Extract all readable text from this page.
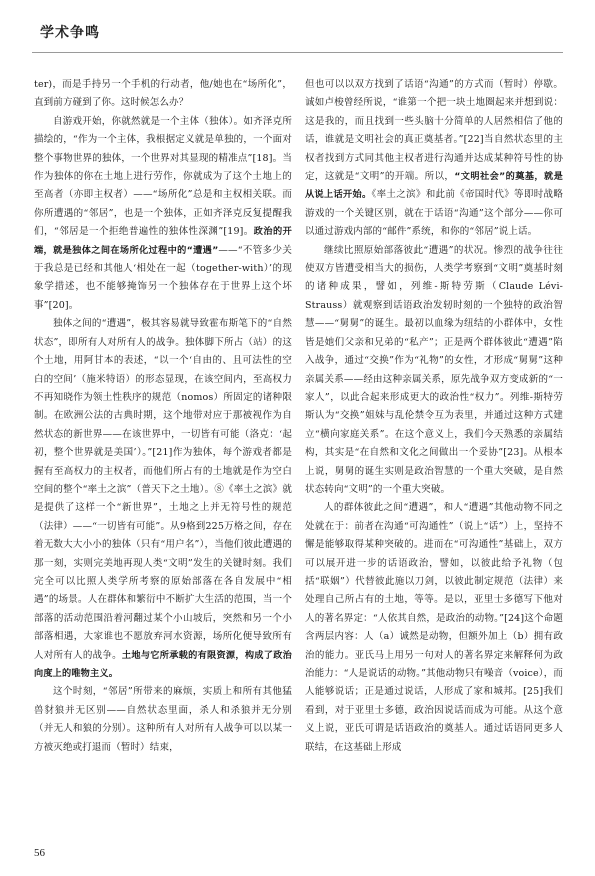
学术争鸣

ter)，而是手持另一个手机的行动者，他/她也在“场所化”，直到前方碰到了你。这时候怎么办？

自游戏开始，你就然就是一个主体（独体）。如齐泽克所描绘的，“作为一个主体，我根据定义就是单独的，一个面对整个事物世界的独体，一个世界对其显现的精准点”[18]。当作为独体的你在土地上进行劳作，你就成为了这个土地上的至高者（亦即主权者）——“场所化”总是和主权相关联。而你所遭遇的“邻居”，也是一个独体，正如齐泽克反复提醒我们，“邻居是一个拒绝普遍性的独体性深渊”[19]。政治的开端，就是独体之间在场所化过程中的“遭遇”——“不管多少关于我总是已经和其他人‘相处在一起（together-with）’的现象学措述，也不能够掩饰另一个独体存在于世界上这个坏事”[20]。

独体之间的“遭遇”，极其容易就导致霍布斯笔下的“自然状态”，即所有人对所有人的战争。独体脚下所占（站）的这个土地，用阿甘本的表述，“以一个‘自由的、且可法性的空白的空间’（施米特语）的形态显现，在该空间内，至高权力不再知晓作为领土性秩序的规范（nomos）所固定的诸种限制。在欧洲公法的古典时期，这个地带对应于那被视作为自然状态的新世界——在该世界中，一切皆有可能（洛克：‘起初，整个世界就是美国’）。”[21]作为独体，每个游戏者都是握有至高权力的主权者，而他们所占有的土地就是作为空白空间的整个“率土之滨”（普天下之土地）。⑧《率土之滨》就是提供了这样一个“新世界”，土地之上并无符号性的规范（法律）——“一切皆有可能”。从9格到225万格之间，存在着无数大大小小的独体（只有“用户名”），当他们彼此遭遇的那一刻，实则完美地再现人类“文明”发生的关键时刻。我们完全可以比照人类学所考察的原始部落在各自发展中“相遇”的场景。人在群体和繁衍中不断扩大生活的范围，当一个部落的活动范围沿着河翻过某个小山坡后，突然和另一个小部落相遇，大家谁也不愿放弃河水资源，场所化便导致所有人对所有人的战争。土地与它所承载的有限资源，构成了政治向度上的唯物主义。

这个时刻，“邻居”所带来的麻烦，实质上和所有其他猛兽豺狼并无区别——自然状态里面，杀人和杀狼并无分别（并无人和狼的分别）。这种所有人对所有人战争可以以某一方被灭绝或打退而（暂时）结束，

但也可以以双方找到了话语“沟通”的方式而（暂时）停歇。诚如卢梭曾经所说，“谁第一个把一块土地圈起来并想到说：这是我的，而且找到一些头脑十分简单的人居然相信了他的话，谁就是文明社会的真正奠基者。”[22]当自然状态里的主权者找到方式同其他主权者进行沟通并达成某种符号性的协定，这就是“文明”的开端。所以，“文明社会”的奠基，就是从说上话开始。《率土之滨》和此前《帝国时代》等即时战略游戏的一个关键区别，就在于话语“沟通”这个部分——你可以通过游戏内部的“邮件”系统，和你的“邻居”说上话。

继续比照原始部落彼此“遭遇”的状况。惨烈的战争往往使双方皆遭受相当大的损伤，人类学考察到“文明”奠基时刻的诸种成果，譬如，列维-斯特劳斯（Claude Lévi-Strauss）就观察到话语政治发轫时刻的一个独特的政治智慧——“舅舅”的诞生。最初以血缘为纽结的小群体中，女性皆是她们父亲和兄弟的“私产”；正是两个群体彼此“遭遇”陷入战争，通过“交换”作为“礼物”的女性，才形成“舅舅”这种亲属关系——经由这种亲属关系，原先战争双方变成新的“一家人”，以此合起来形成更大的政治性“权力”。列维-斯特劳斯认为“交换”姐妹与乱伦禁令互为表里，并通过这种方式建立“横向家庭关系”。在这个意义上，我们今天熟悉的亲属结构，其实是“在自然和文化之间做出一个妥协”[23]。从根本上说，舅舅的诞生实则是政治智慧的一个重大突破，是自然状态转向“文明”的一个重大突破。

人的群体彼此之间“遭遇”，和人“遭遇”其他动物不同之处就在于：前者在沟通“可沟通性”（说上“话”）上，坚持不懈是能够取得某种突破的。进而在“可沟通性”基础上，双方可以展开进一步的话语政治，譬如，以彼此给予礼物（包括“联姻”）代替彼此施以刀剑，以彼此制定规范（法律）来处理自己所占有的土地，等等。是以，亚里士多德写下他对人的著名界定：“人依其自然，是政治的动物。”[24]这个命题含两层内容：人（a）诚然是动物，但额外加上（b）拥有政治的能力。亚氏马上用另一句对人的著名界定来解释何为政治能力：“人是说话的动物。”其他动物只有噪音（voice），而人能够说话；正是通过说话，人形成了家和城邦。[25]我们看到，对于亚里士多德，政治因说话而成为可能。从这个意义上说，亚氏可谓是话语政治的奠基人。通过话语同更多人联结，在这基础上形成

56
